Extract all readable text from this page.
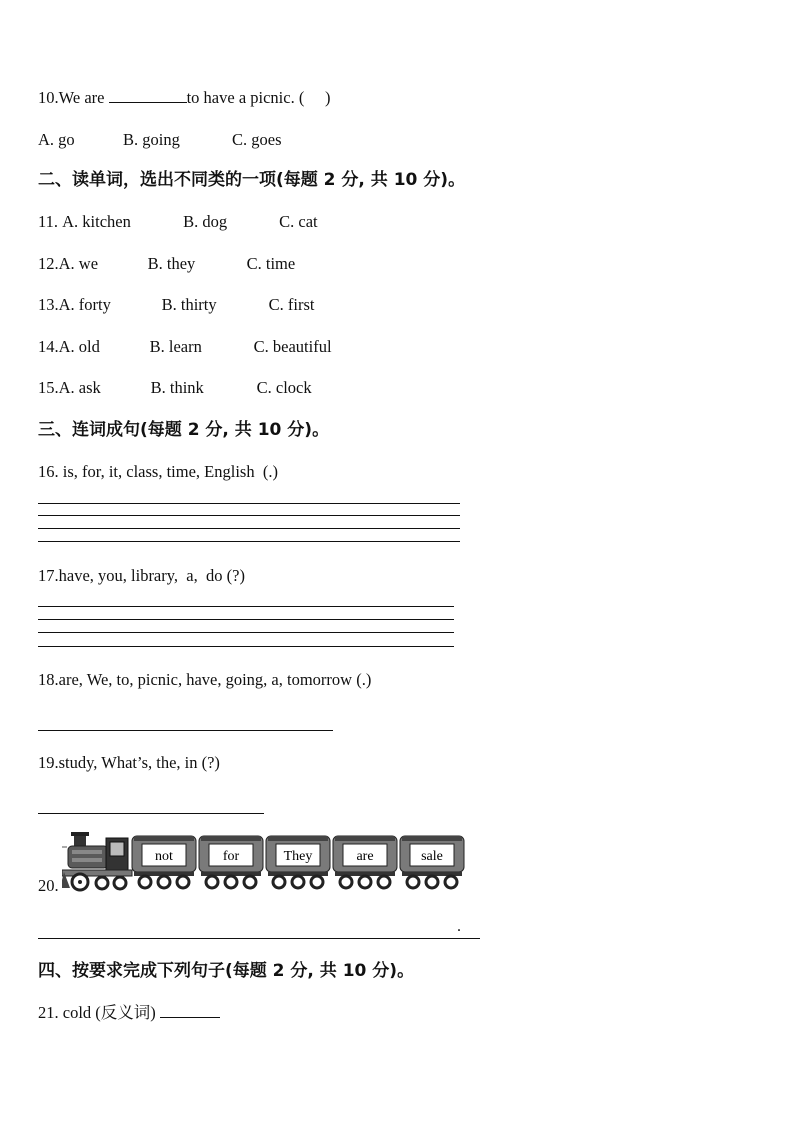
10.We are	to have a picnic. (     )
A. go	B. going	C. goes
二、读单词，选出不同类的一项(每题 2 分, 共 10 分)。
11. A. kitchen	B. dog	C. cat
12.A. we	B. they	C. time
13.A. forty	B. thirty	C. first
14.A. old	B. learn	C. beautiful
15.A. ask	B. think	C. clock
三、连词成句(每题 2 分, 共 10 分)。
16. is, for, it, class, time, English  (.)
17.have, you, library,  a,  do (?)
18.are, We, to, picnic, have, going, a, tomorrow (.)
19.study, What’s, the, in (?)
20.
not	for	They	are	sale
.
四、按要求完成下列句子(每题 2 分, 共 10 分)。
21. cold (反义词)
